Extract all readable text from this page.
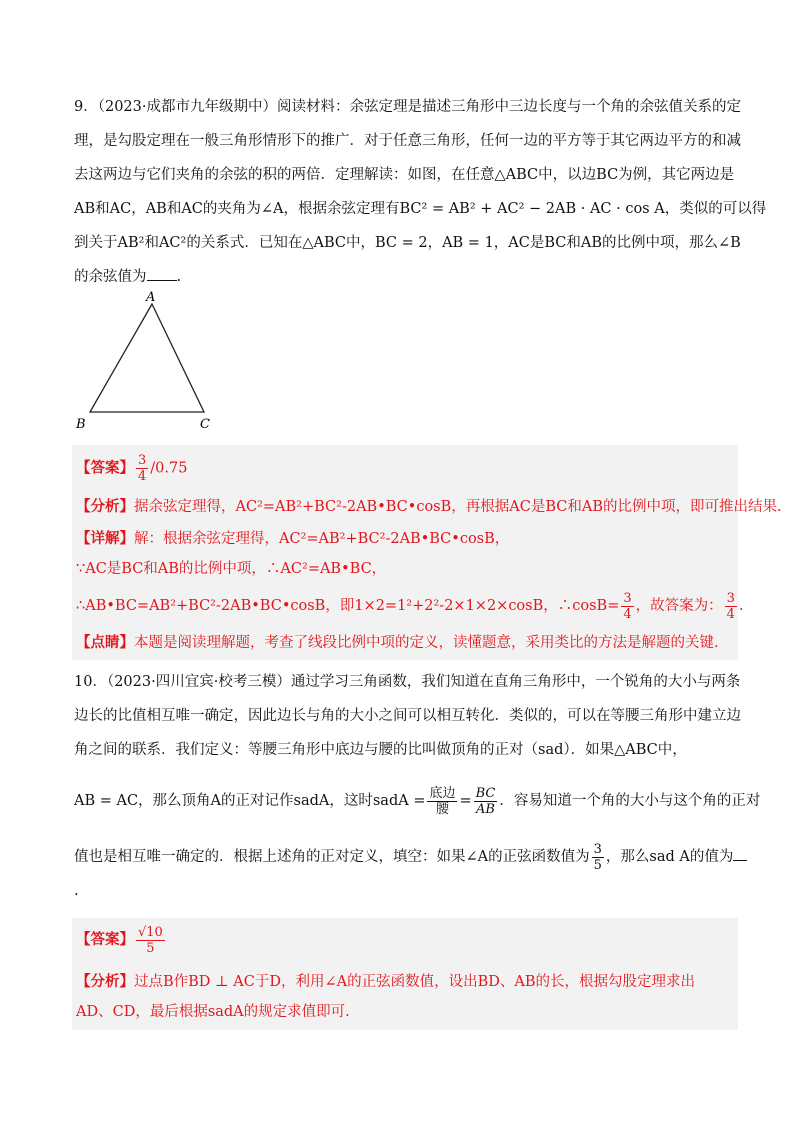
9．（2023·成都市九年级期中）阅读材料：余弦定理是描述三角形中三边长度与一个角的余弦值关系的定
理，是勾股定理在一般三角形情形下的推广．对于任意三角形，任何一边的平方等于其它两边平方的和减
去这两边与它们夹角的余弦的积的两倍．定理解读：如图，在任意△ABC中，以边BC为例，其它两边是
AB和AC，AB和AC的夹角为∠A，根据余弦定理有BC² = AB² + AC² − 2AB · AC · cos A，类似的可以得
到关于AB²和AC²的关系式．已知在△ABC中，BC = 2，AB = 1，AC是BC和AB的比例中项，那么∠B
的余弦值为 .
A
B	C
【答案】 $\frac{3}{4} /0.75$
【分析】据余弦定理得，AC²=AB²+BC²-2AB•BC•cosB，再根据AC是BC和AB的比例中项，即可推出结果.
【详解】解：根据余弦定理得，AC²=AB²+BC²-2AB•BC•cosB，
∵AC是BC和AB的比例中项，∴AC²=AB•BC，
∴AB•BC=AB²+BC²-2AB•BC•cosB，即1×2=1²+2²-2×1×2×cosB，∴cosB= $\frac{3}{4}$ ，故答案为： $\frac{3}{4}$ .
【点睛】本题是阅读理解题，考查了线段比例中项的定义，读懂题意，采用类比的方法是解题的关键.
10．（2023·四川宜宾·校考三模）通过学习三角函数，我们知道在直角三角形中，一个锐角的大小与两条
边长的比值相互唯一确定，因此边长与角的大小之间可以相互转化．类似的，可以在等腰三角形中建立边
角之间的联系．我们定义：等腰三角形中底边与腰的比叫做顶角的正对（sad）．如果△ABC中，
AB = AC，那么顶角A的正对记作sadA，这时sadA = $\frac{\text{底边}}{\text{腰}} = \frac{BC}{AB}$ ．容易知道一个角的大小与这个角的正对
值也是相互唯一确定的．根据上述角的正对定义，填空：如果∠A的正弦函数值为 $\frac{3}{5}$ ，那么sad A的值为
.
【答案】 $\frac{√10}{5}$
【分析】过点B作BD ⊥ AC于D，利用∠A的正弦函数值，设出BD、AB的长，根据勾股定理求出
AD、CD，最后根据sadA的规定求值即可.
